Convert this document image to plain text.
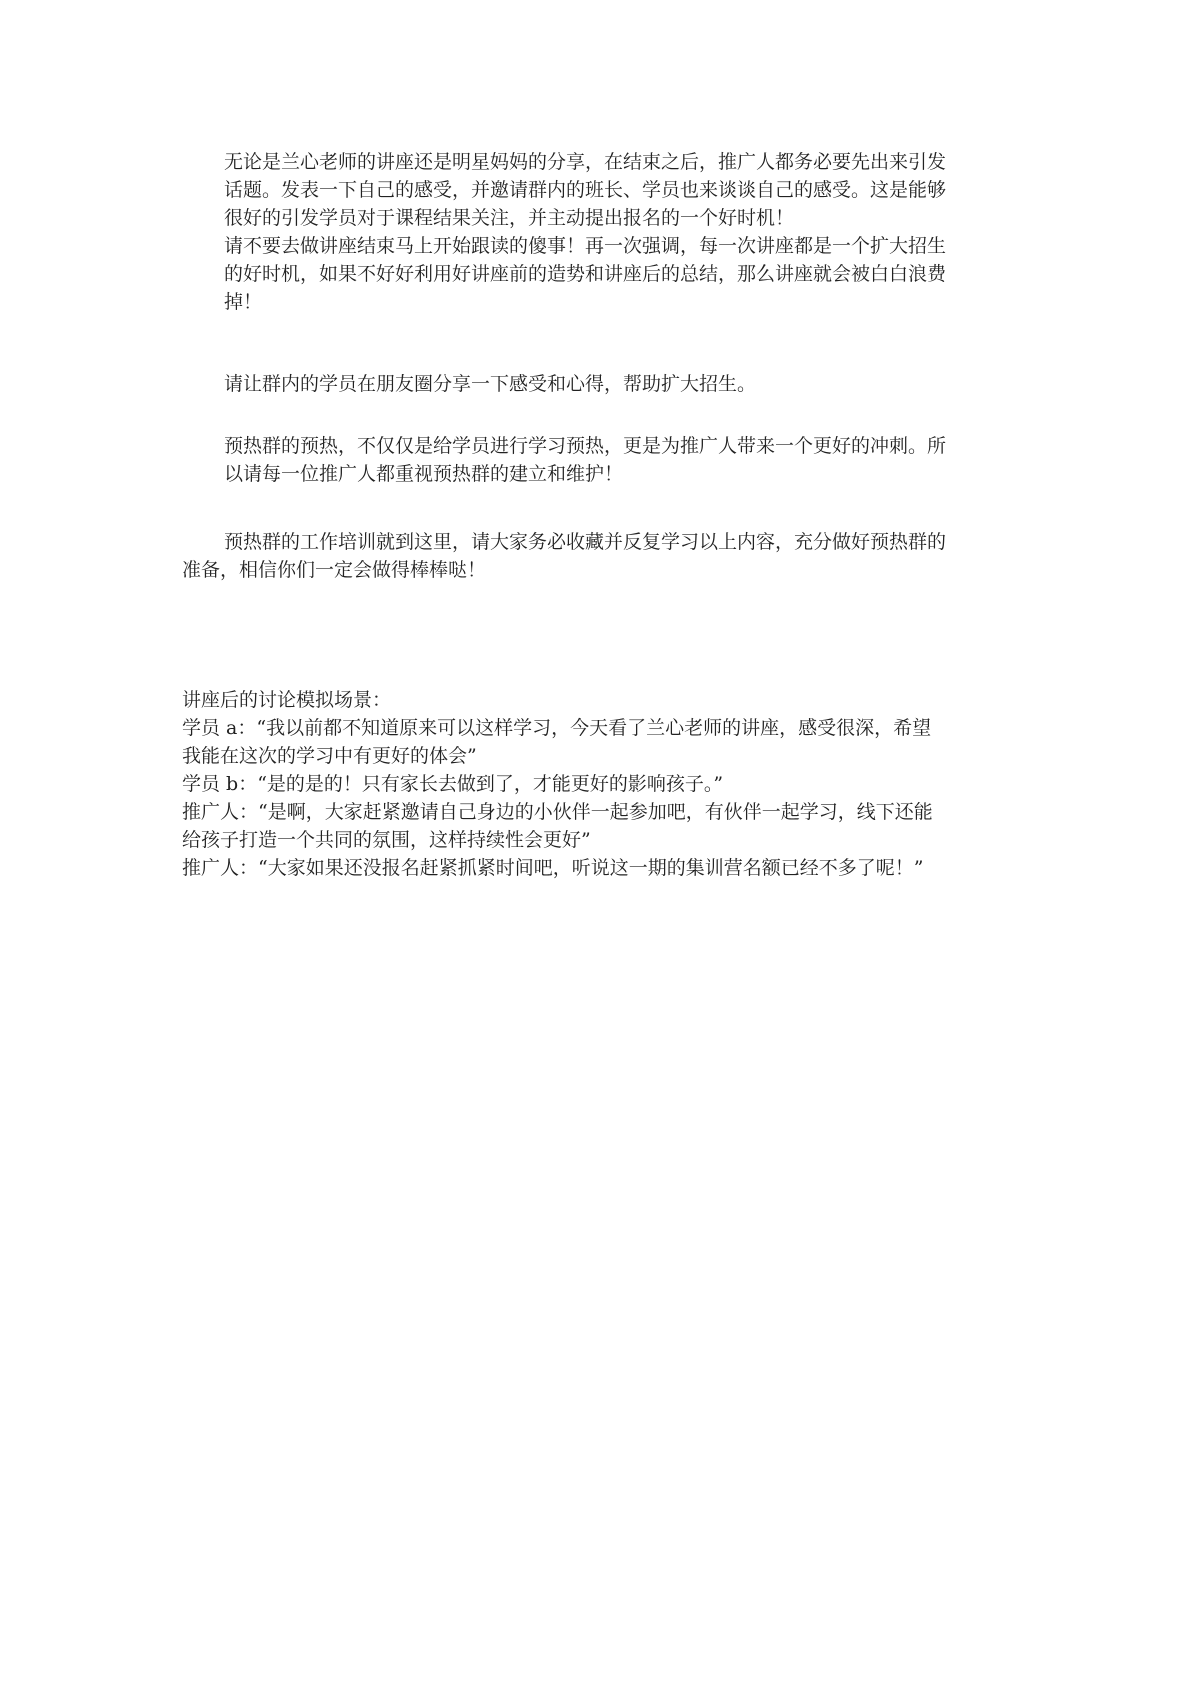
无论是兰心老师的讲座还是明星妈妈的分享，在结束之后，推广人都务必要先出来引发
话题。发表一下自己的感受，并邀请群内的班长、学员也来谈谈自己的感受。这是能够
很好的引发学员对于课程结果关注，并主动提出报名的一个好时机！
请不要去做讲座结束马上开始跟读的傻事！再一次强调，每一次讲座都是一个扩大招生
的好时机，如果不好好利用好讲座前的造势和讲座后的总结，那么讲座就会被白白浪费
掉！
请让群内的学员在朋友圈分享一下感受和心得，帮助扩大招生。
预热群的预热，不仅仅是给学员进行学习预热，更是为推广人带来一个更好的冲刺。所
以请每一位推广人都重视预热群的建立和维护！
预热群的工作培训就到这里，请大家务必收藏并反复学习以上内容，充分做好预热群的
准备，相信你们一定会做得棒棒哒！
讲座后的讨论模拟场景：
学员 a：“我以前都不知道原来可以这样学习，今天看了兰心老师的讲座，感受很深，希望
我能在这次的学习中有更好的体会”
学员 b：“是的是的！只有家长去做到了，才能更好的影响孩子。”
推广人：“是啊，大家赶紧邀请自己身边的小伙伴一起参加吧，有伙伴一起学习，线下还能
给孩子打造一个共同的氛围，这样持续性会更好”
推广人：“大家如果还没报名赶紧抓紧时间吧，听说这一期的集训营名额已经不多了呢！”
